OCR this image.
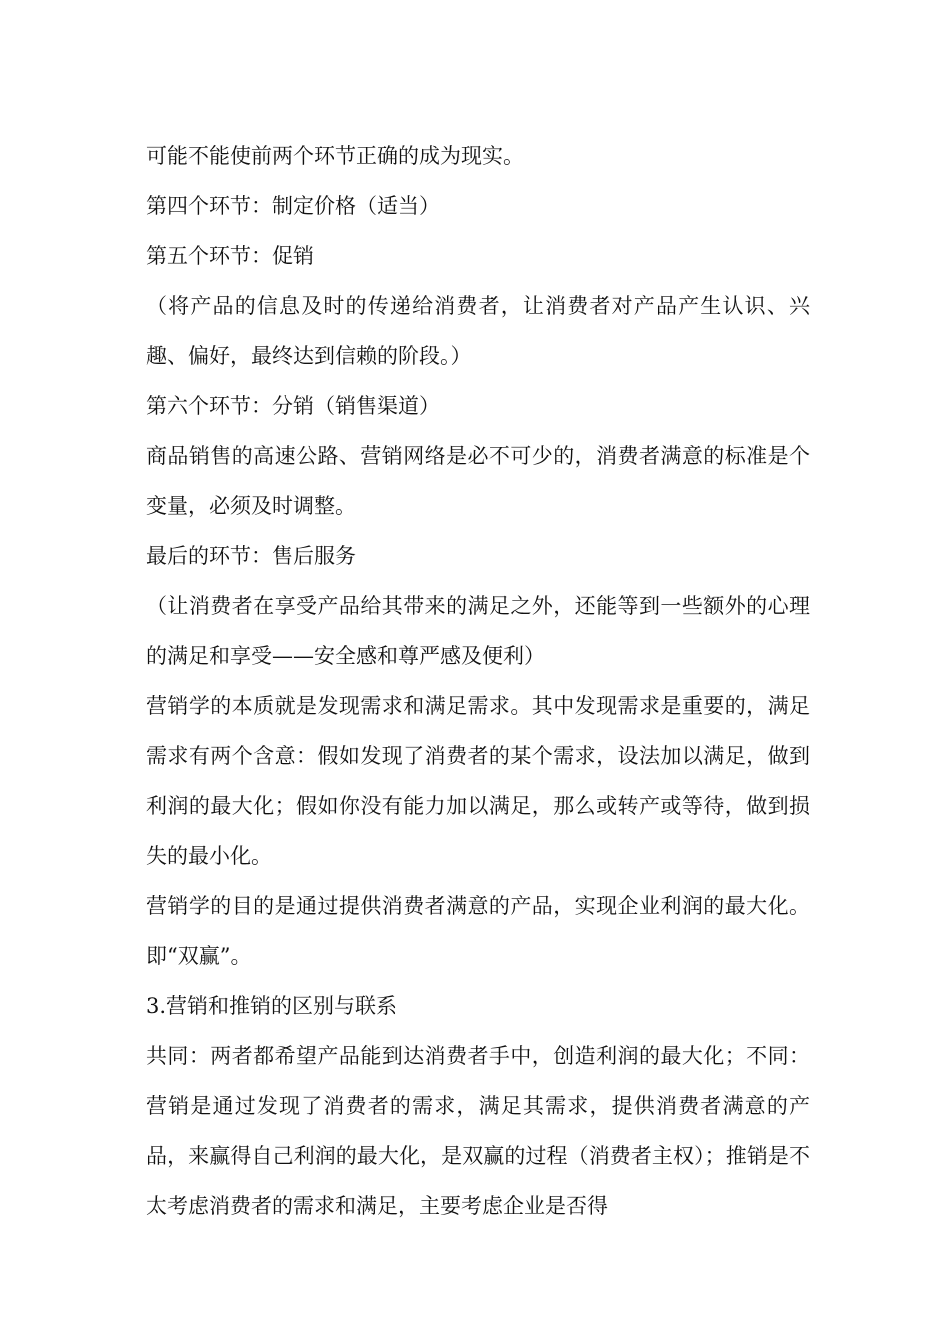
可能不能使前两个环节正确的成为现实。

第四个环节：制定价格（适当）

第五个环节：促销

（将产品的信息及时的传递给消费者，让消费者对产品产生认识、兴趣、偏好，最终达到信赖的阶段。）

第六个环节：分销（销售渠道）

商品销售的高速公路、营销网络是必不可少的，消费者满意的标准是个变量，必须及时调整。

最后的环节：售后服务

（让消费者在享受产品给其带来的满足之外，还能等到一些额外的心理的满足和享受——安全感和尊严感及便利）

营销学的本质就是发现需求和满足需求。其中发现需求是重要的，满足需求有两个含意：假如发现了消费者的某个需求，设法加以满足，做到利润的最大化；假如你没有能力加以满足，那么或转产或等待，做到损失的最小化。

营销学的目的是通过提供消费者满意的产品，实现企业利润的最大化。即“双赢”。

3.营销和推销的区别与联系

共同：两者都希望产品能到达消费者手中，创造利润的最大化；不同：营销是通过发现了消费者的需求，满足其需求，提供消费者满意的产品，来赢得自己利润的最大化，是双赢的过程（消费者主权）；推销是不太考虑消费者的需求和满足，主要考虑企业是否得
